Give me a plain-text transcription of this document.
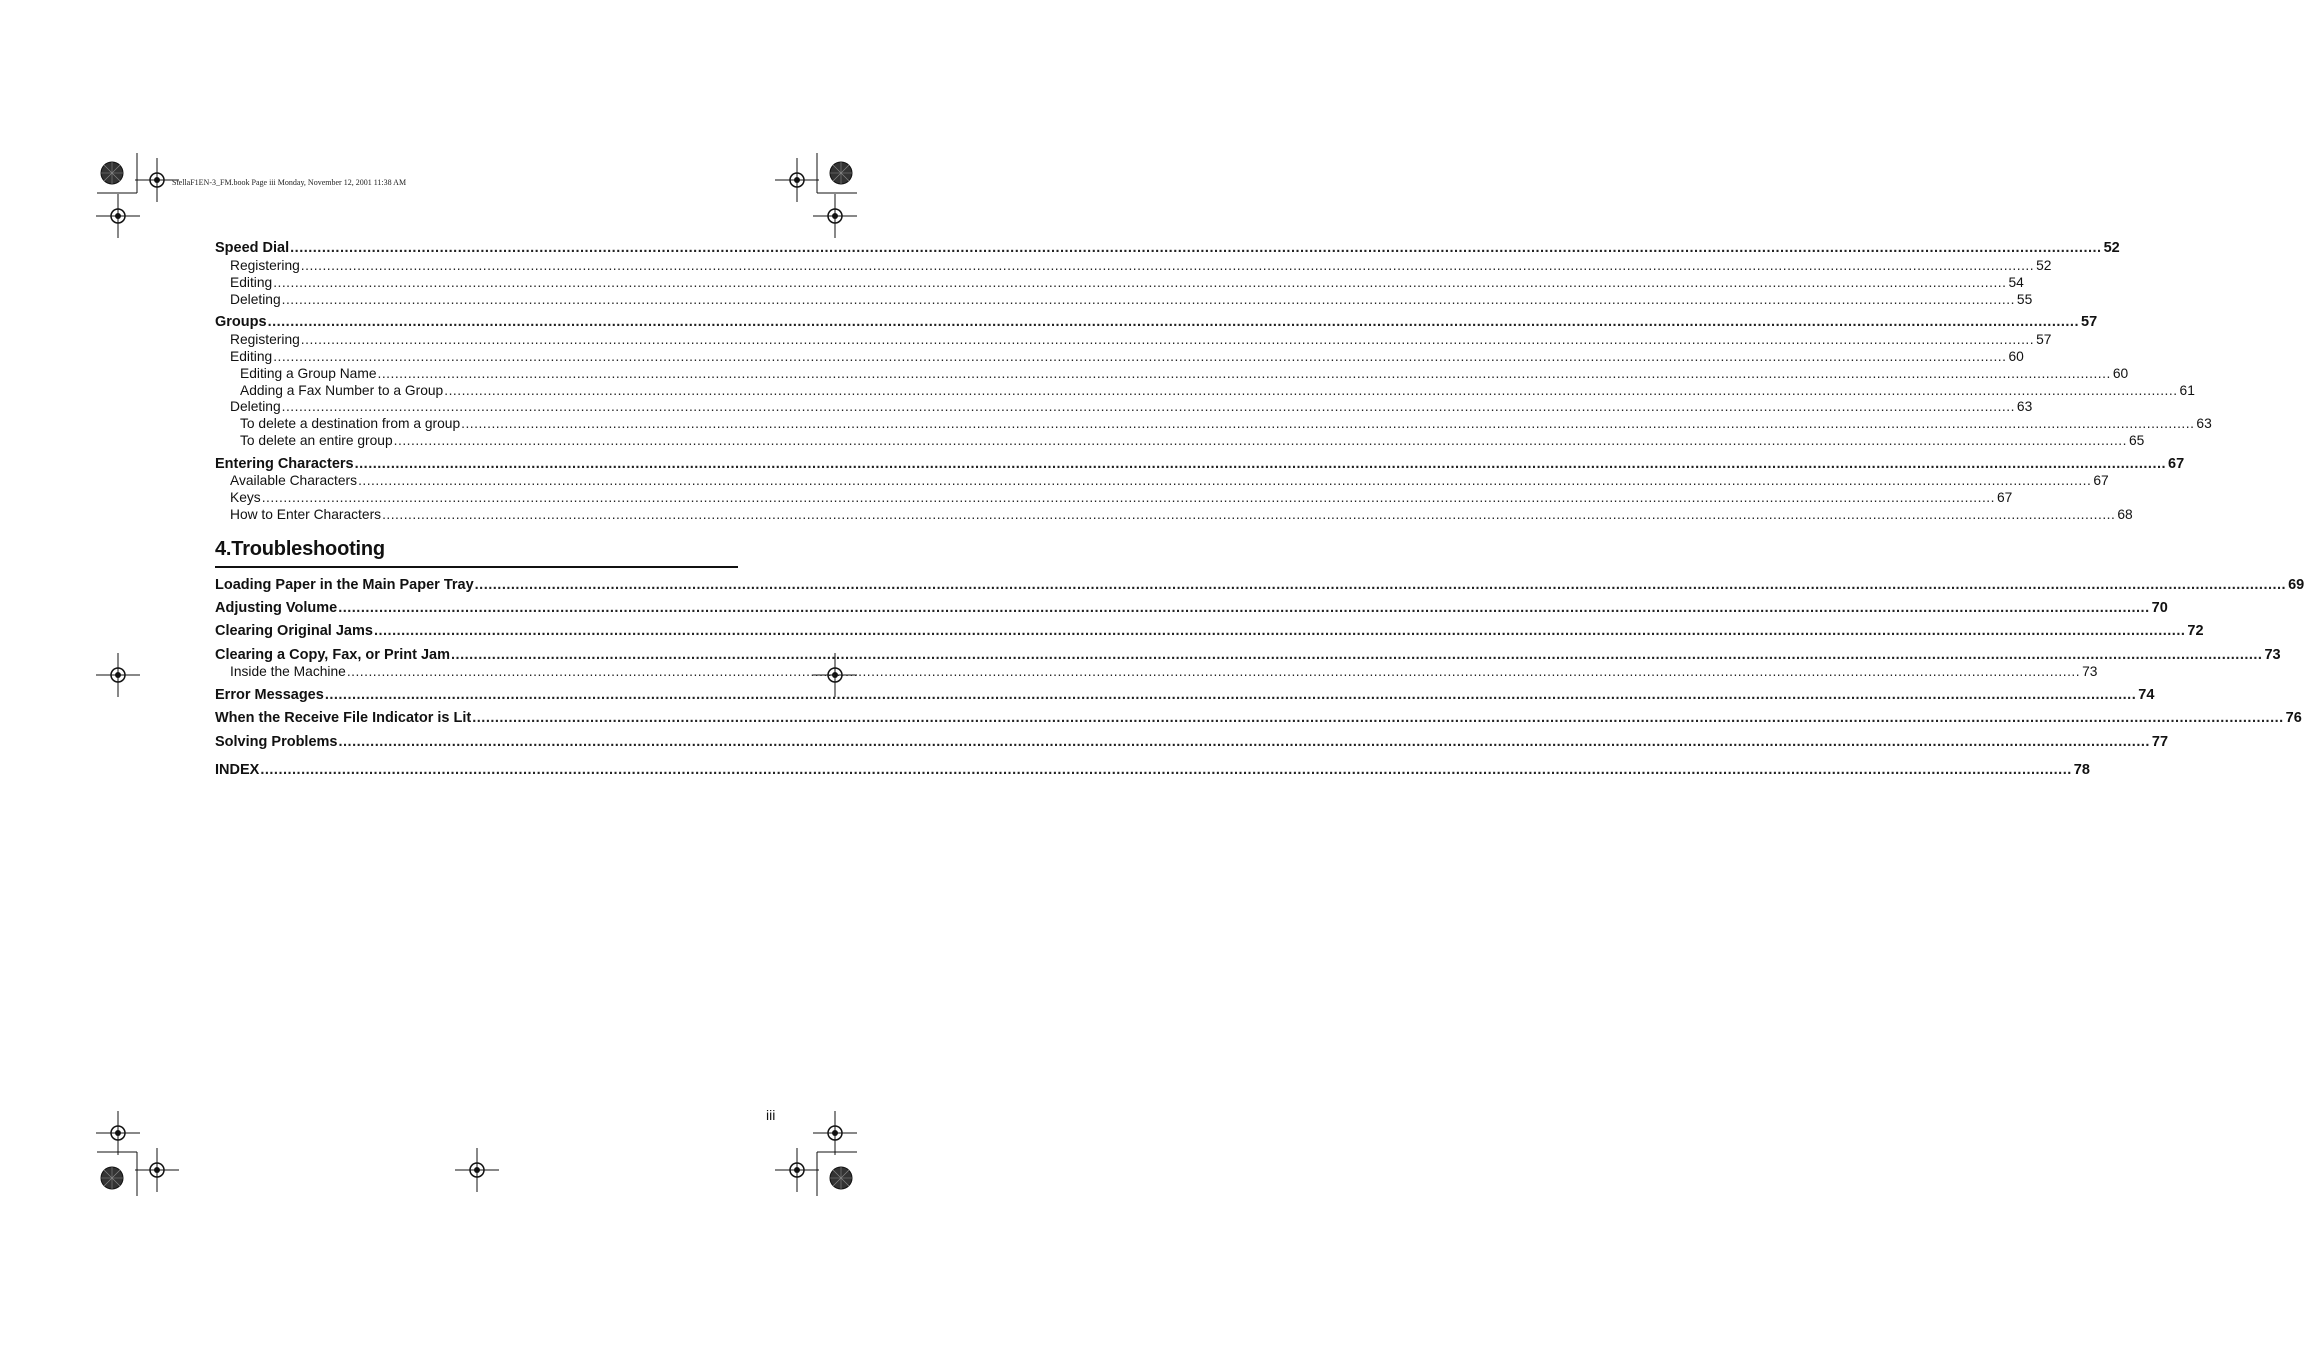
StellaF1EN-3_FM.book Page iii Monday, November 12, 2001 11:38 AM
Speed Dial ................................................................................................................................................................................................................................................................................................................................................................................................................ 52
Registering ................................................................................................................................................................................................................................................................................................................................................................................................................ 52
Editing ................................................................................................................................................................................................................................................................................................................................................................................................................ 54
Deleting ................................................................................................................................................................................................................................................................................................................................................................................................................ 55
Groups ................................................................................................................................................................................................................................................................................................................................................................................................................ 57
Registering ................................................................................................................................................................................................................................................................................................................................................................................................................ 57
Editing ................................................................................................................................................................................................................................................................................................................................................................................................................ 60
Editing a Group Name ................................................................................................................................................................................................................................................................................................................................................................................................................ 60
Adding a Fax Number to a Group ................................................................................................................................................................................................................................................................................................................................................................................................................ 61
Deleting ................................................................................................................................................................................................................................................................................................................................................................................................................ 63
To delete a destination from a group ................................................................................................................................................................................................................................................................................................................................................................................................................ 63
To delete an entire group ................................................................................................................................................................................................................................................................................................................................................................................................................ 65
Entering Characters ................................................................................................................................................................................................................................................................................................................................................................................................................ 67
Available Characters ................................................................................................................................................................................................................................................................................................................................................................................................................ 67
Keys ................................................................................................................................................................................................................................................................................................................................................................................................................ 67
How to Enter Characters ................................................................................................................................................................................................................................................................................................................................................................................................................ 68
4.Troubleshooting
Loading Paper in the Main Paper Tray ................................................................................................................................................................................................................................................................................................................................................................................................................ 69
Adjusting Volume ................................................................................................................................................................................................................................................................................................................................................................................................................ 70
Clearing Original Jams ................................................................................................................................................................................................................................................................................................................................................................................................................ 72
Clearing a Copy, Fax, or Print Jam ................................................................................................................................................................................................................................................................................................................................................................................................................ 73
Inside the Machine ................................................................................................................................................................................................................................................................................................................................................................................................................ 73
Error Messages ................................................................................................................................................................................................................................................................................................................................................................................................................ 74
When the Receive File Indicator is Lit ................................................................................................................................................................................................................................................................................................................................................................................................................ 76
Solving Problems ................................................................................................................................................................................................................................................................................................................................................................................................................ 77
INDEX ................................................................................................................................................................................................................................................................................................................................................................................................................ 78
iii
